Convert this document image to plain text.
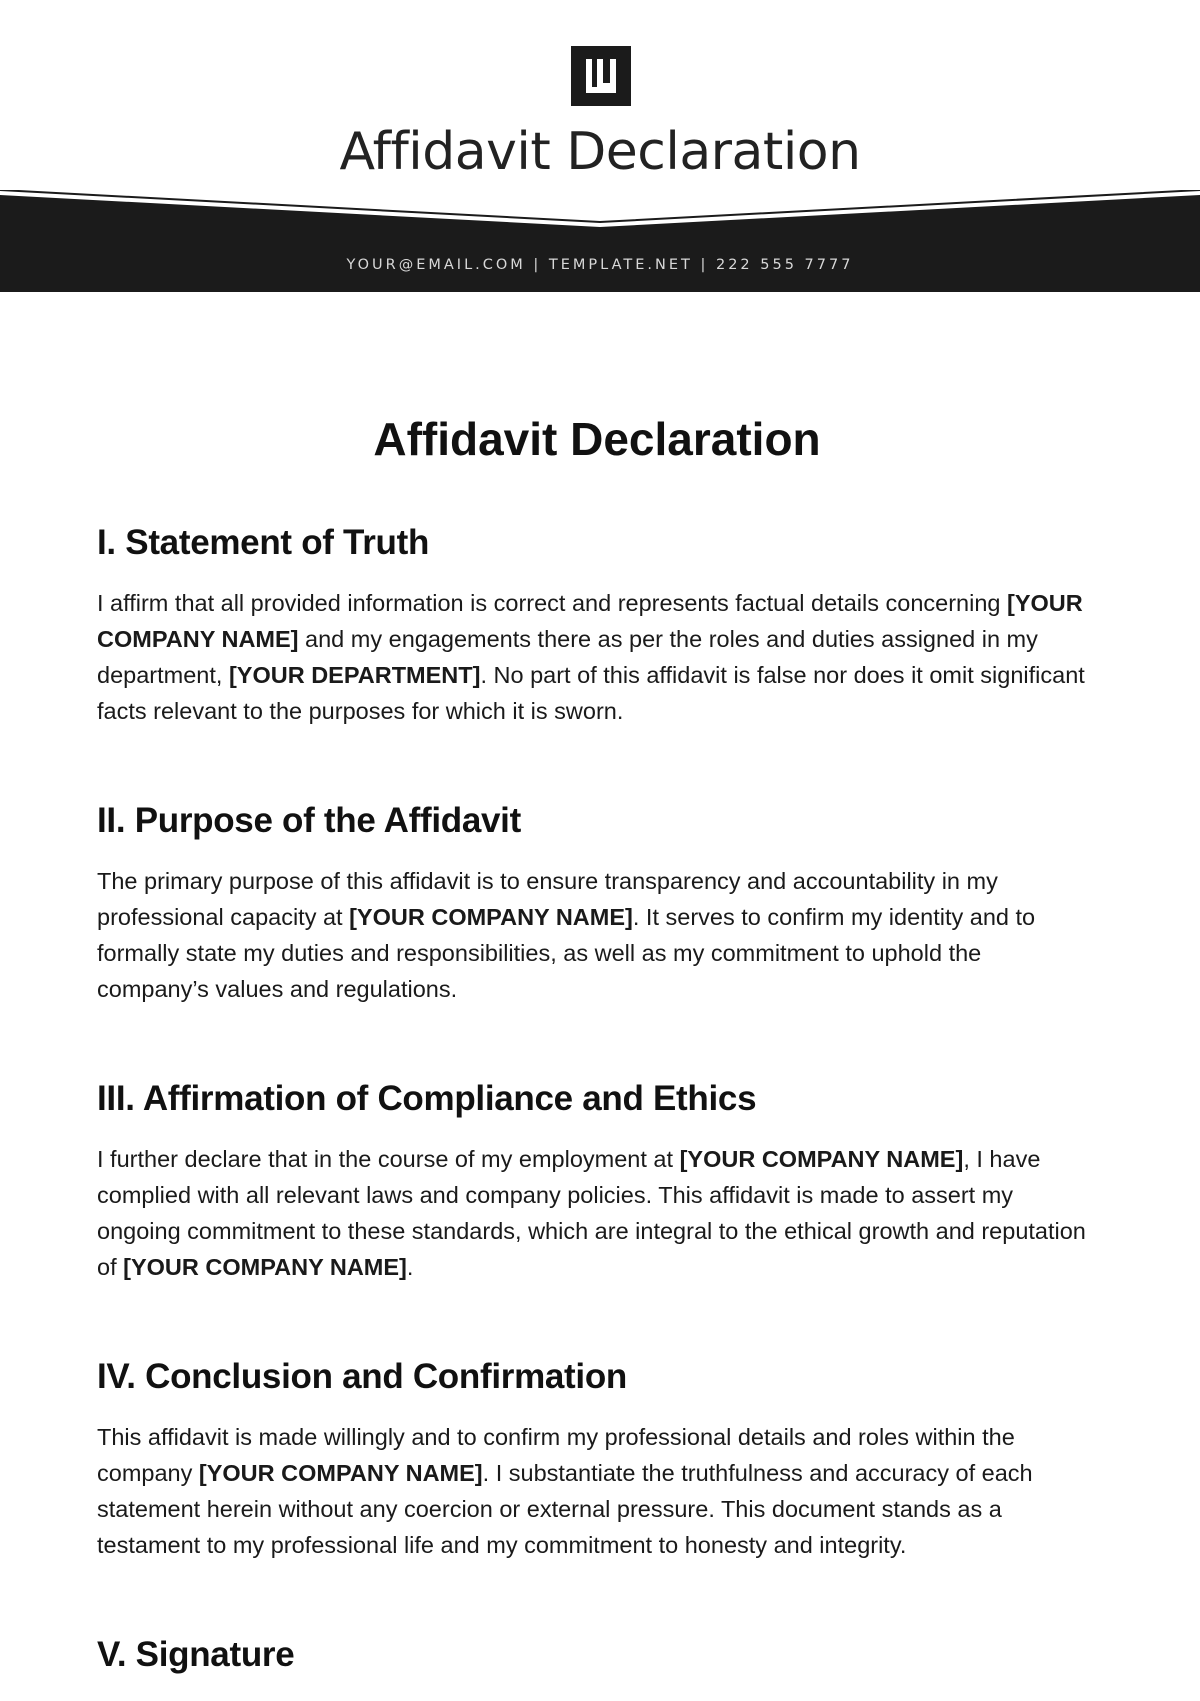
Affidavit Declaration
YOUR@EMAIL.COM | TEMPLATE.NET | 222 555 7777
Affidavit Declaration
I. Statement of Truth

I affirm that all provided information is correct and represents factual details concerning [YOUR COMPANY NAME] and my engagements there as per the roles and duties assigned in my department, [YOUR DEPARTMENT]. No part of this affidavit is false nor does it omit significant facts relevant to the purposes for which it is sworn.

II. Purpose of the Affidavit

The primary purpose of this affidavit is to ensure transparency and accountability in my professional capacity at [YOUR COMPANY NAME]. It serves to confirm my identity and to formally state my duties and responsibilities, as well as my commitment to uphold the company’s values and regulations.

III. Affirmation of Compliance and Ethics

I further declare that in the course of my employment at [YOUR COMPANY NAME], I have complied with all relevant laws and company policies. This affidavit is made to assert my ongoing commitment to these standards, which are integral to the ethical growth and reputation of [YOUR COMPANY NAME].

IV. Conclusion and Confirmation

This affidavit is made willingly and to confirm my professional details and roles within the company [YOUR COMPANY NAME]. I substantiate the truthfulness and accuracy of each statement herein without any coercion or external pressure. This document stands as a testament to my professional life and my commitment to honesty and integrity.

V. Signature
